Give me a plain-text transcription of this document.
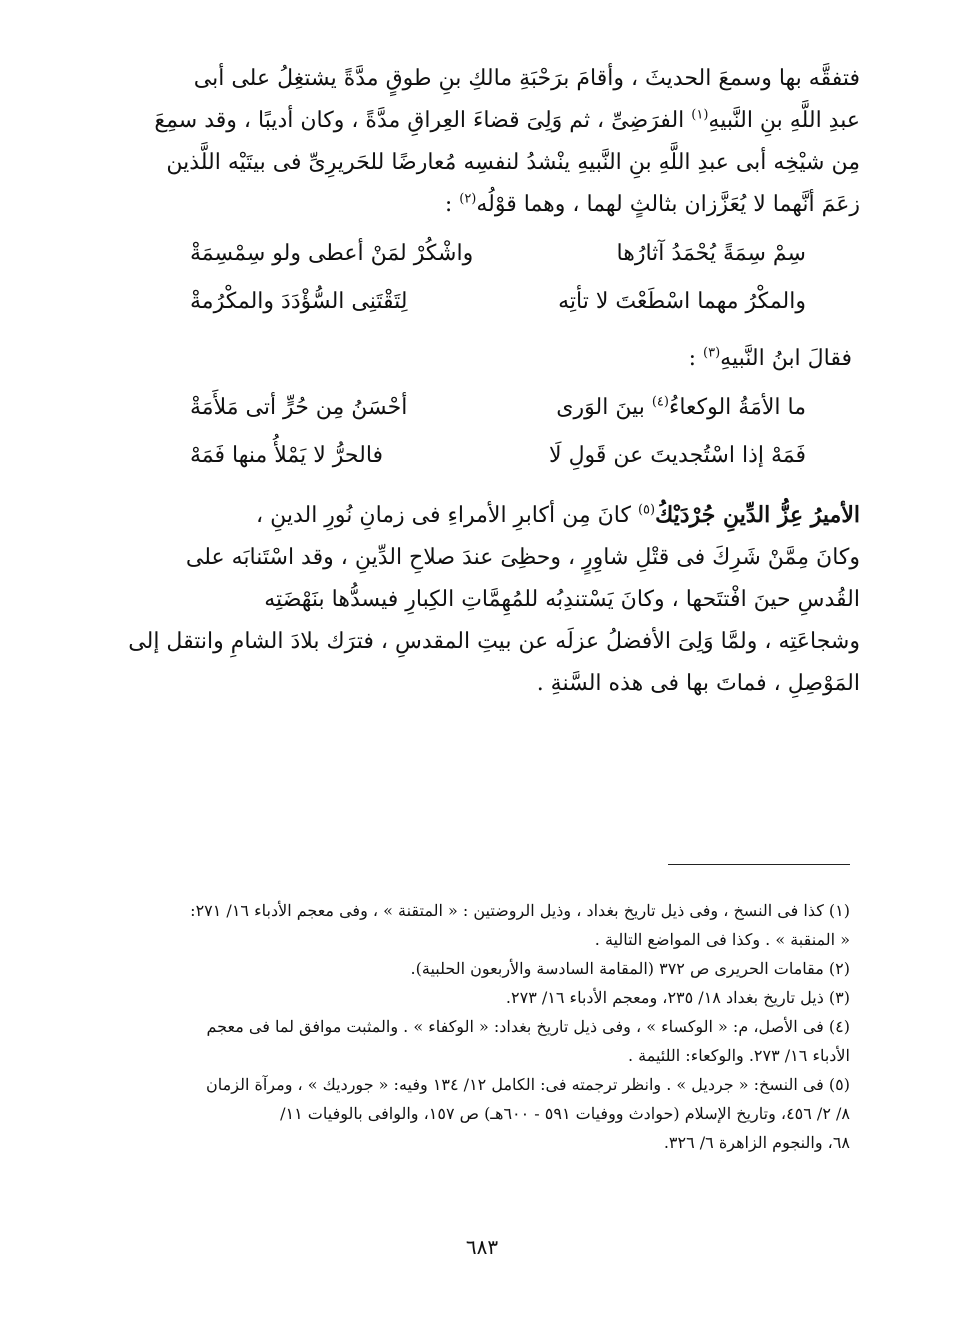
فتفقَّه بها وسمعَ الحديثَ ، وأقامَ برَحْبَةِ مالكِ بنِ طوقٍ مدَّةً يشتغِلُ على أبى
عبدِ اللَّهِ بنِ النَّبيهِ$^{(١)}$ الفرَضِىِّ ، ثم وَلِىَ قضاءَ العِراقِ مدَّةً ، وكان أديبًا ، وقد سمِعَ
مِن شيْخِه أبى عبدِ اللَّهِ بنِ النَّبيهِ ينْشدُ لنفسِه مُعارضًا للحَريرِىِّ فى بيتَيْه اللَّذين
زعَمَ أنَّهما لا يُعَزَّزان بثالثٍ لهما ، وهما قوْلُه$^{(٢)}$ :

سِمْ سِمَةً يُحْمَدُ آثارُها
واشْكُرْ لمَنْ أعطى ولو سِمْسِمَةْ
والمكْرُ مهما اسْطَعْتَ لا تأتِه
لِتَقْتَنِى السُّؤْدَدَ والمكْرُمةْ
فقالَ ابنُ النَّبيهِ$^{(٣)}$ :
ما الأمَةُ الوكعاءُ$^{(٤)}$ بينَ الوَرى
أحْسَنُ مِن حُرٍّ أتى مَلأَمَةْ
فَمَهْ إذا اسْتُجديتَ عن قَولِ لَا
فالحرُّ لا يَمْلأُ منها فَمَهْ

الأميرُ عِزُّ الدِّينِ جُرْدَيْكُ$^{(٥)}$ كانَ مِن أكابرِ الأمراءِ فى زمانِ نُورِ الدينِ ،
وكانَ مِمَّنْ شَرِكَ فى قتْلِ شاوِرٍ ، وحظِىَ عندَ صلاحِ الدِّينِ ، وقد اسْتَنابَه على
القُدسِ حينَ افْتتَحها ، وكانَ يَسْتندِبُه للمُهِمَّاتِ الكِبارِ فيسدُّها بنَهْضَتِه
وشجاعَتِه ، ولمَّا وَلِىَ الأفضلُ عزلَه عن بيتِ المقدسِ ، فترَك بلادَ الشامِ وانتقل إلى
المَوْصِلِ ، فماتَ بها فى هذه السَّنةِ .

(١) كذا فى النسخ ، وفى ذيل تاريخ بغداد ، وذيل الروضتين : « المتقنة » ، وفى معجم الأدباء ١٦/ ٢٧١:
« المنقبة » . وكذا فى المواضع التالية .

(٢) مقامات الحريرى ص ٣٧٢ (المقامة السادسة والأربعون الحلبية).

(٣) ذيل تاريخ بغداد ١٨/ ٢٣٥، ومعجم الأدباء ١٦/ ٢٧٣.

(٤) فى الأصل، م: « الوكساء » ، وفى ذيل تاريخ بغداد: « الوكفاء » . والمثبت موافق لما فى معجم
الأدباء ١٦/ ٢٧٣. والوكعاء: اللئيمة .

(٥) فى النسخ: « جرديل » . وانظر ترجمته فى: الكامل ١٢/ ١٣٤ وفيه: « جورديك » ، ومرآة الزمان
٨/ ٢/ ٤٥٦، وتاريخ الإسلام (حوادث ووفيات ٥٩١ - ٦٠٠هـ) ص ١٥٧، والوافى بالوفيات ١١/
٦٨، والنجوم الزاهرة ٦/ ٣٢٦.

٦٨٣
